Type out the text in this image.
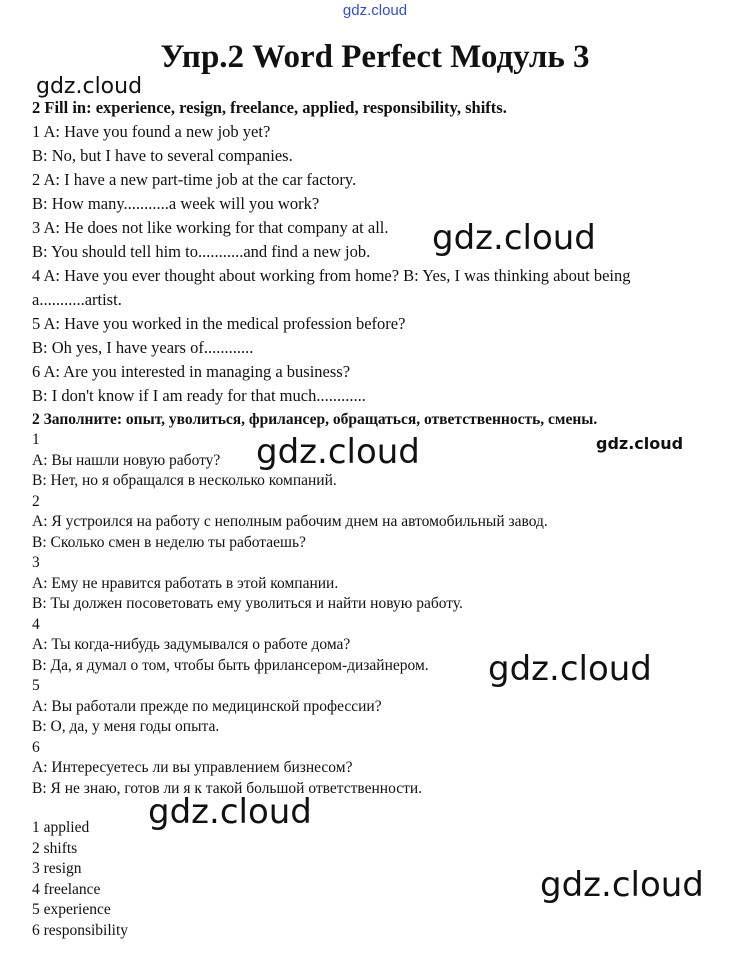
gdz.cloud
Упр.2 Word Perfect Модуль 3
gdz.cloud
2 Fill in: experience, resign, freelance, applied, responsibility, shifts.
1 A: Have you found a new job yet?
B: No, but I have to several companies.
2 A: I have a new part-time job at the car factory.
B: How many...........a week will you work?
3 A: He does not like working for that company at all.
B: You should tell him to...........and find a new job.
4 A: Have you ever thought about working from home? B: Yes, I was thinking about being
a...........artist.
5 A: Have you worked in the medical profession before?
B: Oh yes, I have years of............
6 A: Are you interested in managing a business?
B: I don't know if I am ready for that much............
gdz.cloud
2 Заполните: опыт, уволиться, фрилансер, обращаться, ответственность, смены.
1
A: Вы нашли новую работу?
B: Нет, но я обращался в несколько компаний.
2
A: Я устроился на работу с неполным рабочим днем на автомобильный завод.
B: Сколько смен в неделю ты работаешь?
3
A: Ему не нравится работать в этой компании.
B: Ты должен посоветовать ему уволиться и найти новую работу.
4
A: Ты когда-нибудь задумывался о работе дома?
B: Да, я думал о том, чтобы быть фрилансером-дизайнером.
5
A: Вы работали прежде по медицинской профессии?
B: О, да, у меня годы опыта.
6
A: Интересуетесь ли вы управлением бизнесом?
B: Я не знаю, готов ли я к такой большой ответственности.
gdz.cloud	gdz.cloud
gdz.cloud
gdz.cloud
1 applied
2 shifts
3 resign
4 freelance
5 experience
6 responsibility
gdz.cloud
